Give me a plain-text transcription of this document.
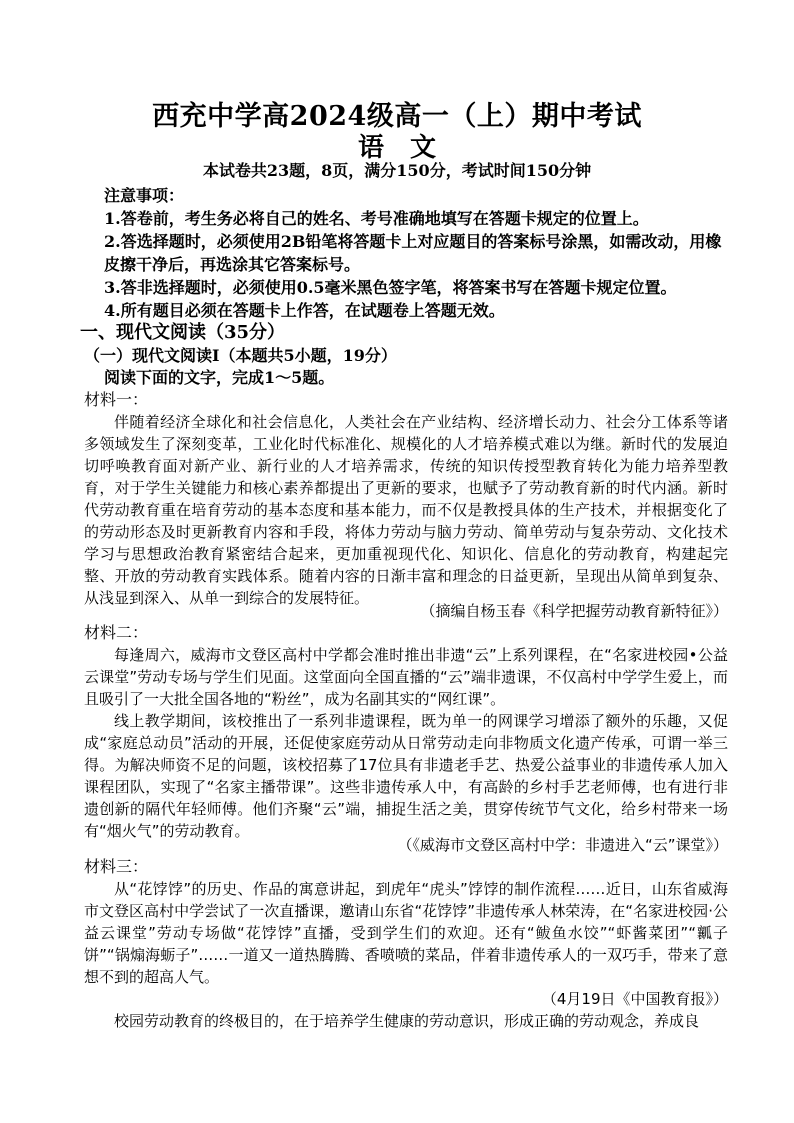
西充中学高2024级高一（上）期中考试
语　文
本试卷共23题，8页，满分150分，考试时间150分钟
注意事项：
1.答卷前，考生务必将自己的姓名、考号准确地填写在答题卡规定的位置上。
2.答选择题时，必须使用2B铅笔将答题卡上对应题目的答案标号涂黑，如需改动，用橡皮擦干净后，再选涂其它答案标号。
3.答非选择题时，必须使用0.5毫米黑色签字笔，将答案书写在答题卡规定位置。
4.所有题目必须在答题卡上作答，在试题卷上答题无效。
一、现代文阅读（35分）
（一）现代文阅读Ⅰ（本题共5小题，19分）
阅读下面的文字，完成1～5题。
材料一：
伴随着经济全球化和社会信息化，人类社会在产业结构、经济增长动力、社会分工体系等诸多领域发生了深刻变革，工业化时代标准化、规模化的人才培养模式难以为继。新时代的发展迫切呼唤教育面对新产业、新行业的人才培养需求，传统的知识传授型教育转化为能力培养型教育，对于学生关键能力和核心素养都提出了更新的要求，也赋予了劳动教育新的时代内涵。新时代劳动教育重在培育劳动的基本态度和基本能力，而不仅是教授具体的生产技术，并根据变化了的劳动形态及时更新教育内容和手段，将体力劳动与脑力劳动、简单劳动与复杂劳动、文化技术学习与思想政治教育紧密结合起来，更加重视现代化、知识化、信息化的劳动教育，构建起完整、开放的劳动教育实践体系。随着内容的日渐丰富和理念的日益更新，呈现出从简单到复杂、从浅显到深入、从单一到综合的发展特征。
（摘编自杨玉春《科学把握劳动教育新特征》）
材料二：
每逢周六，威海市文登区高村中学都会准时推出非遗“云”上系列课程，在“名家进校园•公益云课堂”劳动专场与学生们见面。这堂面向全国直播的“云”端非遗课，不仅高村中学学生爱上，而且吸引了一大批全国各地的“粉丝”，成为名副其实的“网红课”。
线上教学期间，该校推出了一系列非遗课程，既为单一的网课学习增添了额外的乐趣，又促成“家庭总动员”活动的开展，还促使家庭劳动从日常劳动走向非物质文化遗产传承，可谓一举三得。为解决师资不足的问题，该校招募了17位具有非遗老手艺、热爱公益事业的非遗传承人加入课程团队，实现了“名家主播带课”。这些非遗传承人中，有高龄的乡村手艺老师傅，也有进行非遗创新的隔代年轻师傅。他们齐聚“云”端，捕捉生活之美，贯穿传统节气文化，给乡村带来一场有“烟火气”的劳动教育。
（《威海市文登区高村中学：非遗进入“云”课堂》）
材料三：
从“花饽饽”的历史、作品的寓意讲起，到虎年“虎头”饽饽的制作流程……近日，山东省威海市文登区高村中学尝试了一次直播课，邀请山东省“花饽饽”非遗传承人林荣涛，在“名家进校园·公益云课堂”劳动专场做“花饽饽”直播，受到学生们的欢迎。还有“鲅鱼水饺”“虾酱菜团”“瓤子饼”“锅煽海蛎子”……一道又一道热腾腾、香喷喷的菜品，伴着非遗传承人的一双巧手，带来了意想不到的超高人气。
（4月19日《中国教育报》）
校园劳动教育的终极目的，在于培养学生健康的劳动意识，形成正确的劳动观念，养成良
